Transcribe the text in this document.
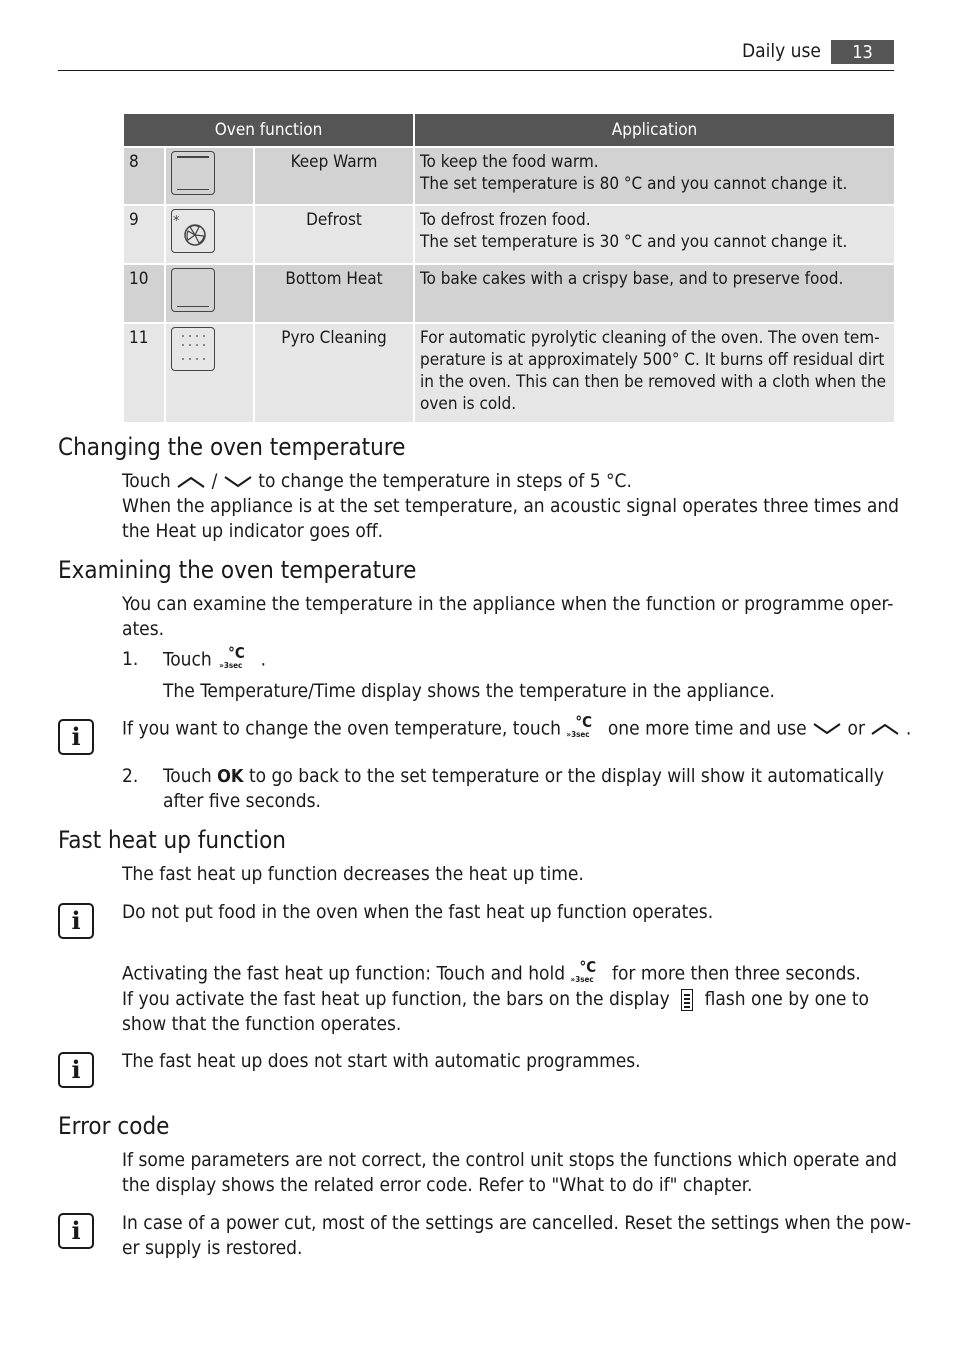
Daily use	13
Oven function			Application
8		Keep Warm	To keep the food warm.
The set temperature is 80 °C and you cannot change it.

9	*	Defrost	To defrost frozen food.
The set temperature is 30 °C and you cannot change it.

10		Bottom Heat	To bake cakes with a crispy base, and to preserve food.

11		Pyro Cleaning	For automatic pyrolytic cleaning of the oven. The oven tem-
perature is at approximately 500° C. It burns off residual dirt
in the oven. This can then be removed with a cloth when the
oven is cold.
Changing the oven temperature
Touch / to change the temperature in steps of 5 °C.
When the appliance is at the set temperature, an acoustic signal operates three times and
the Heat up indicator goes off.
Examining the oven temperature
You can examine the temperature in the appliance when the function or programme oper-
ates.
1. Touch °C
»3sec .
The Temperature/Time display shows the temperature in the appliance.
i	If you want to change the oven temperature, touch °C
»3sec one more time and use or .
2. Touch OK to go back to the set temperature or the display will show it automatically
after five seconds.
Fast heat up function
The fast heat up function decreases the heat up time.
i	Do not put food in the oven when the fast heat up function operates.
Activating the fast heat up function: Touch and hold °C
»3sec for more then three seconds.
If you activate the fast heat up function, the bars on the display flash one by one to
show that the function operates.
i	The fast heat up does not start with automatic programmes.
Error code
If some parameters are not correct, the control unit stops the functions which operate and
the display shows the related error code. Refer to "What to do if" chapter.
i	In case of a power cut, most of the settings are cancelled. Reset the settings when the pow-
er supply is restored.
